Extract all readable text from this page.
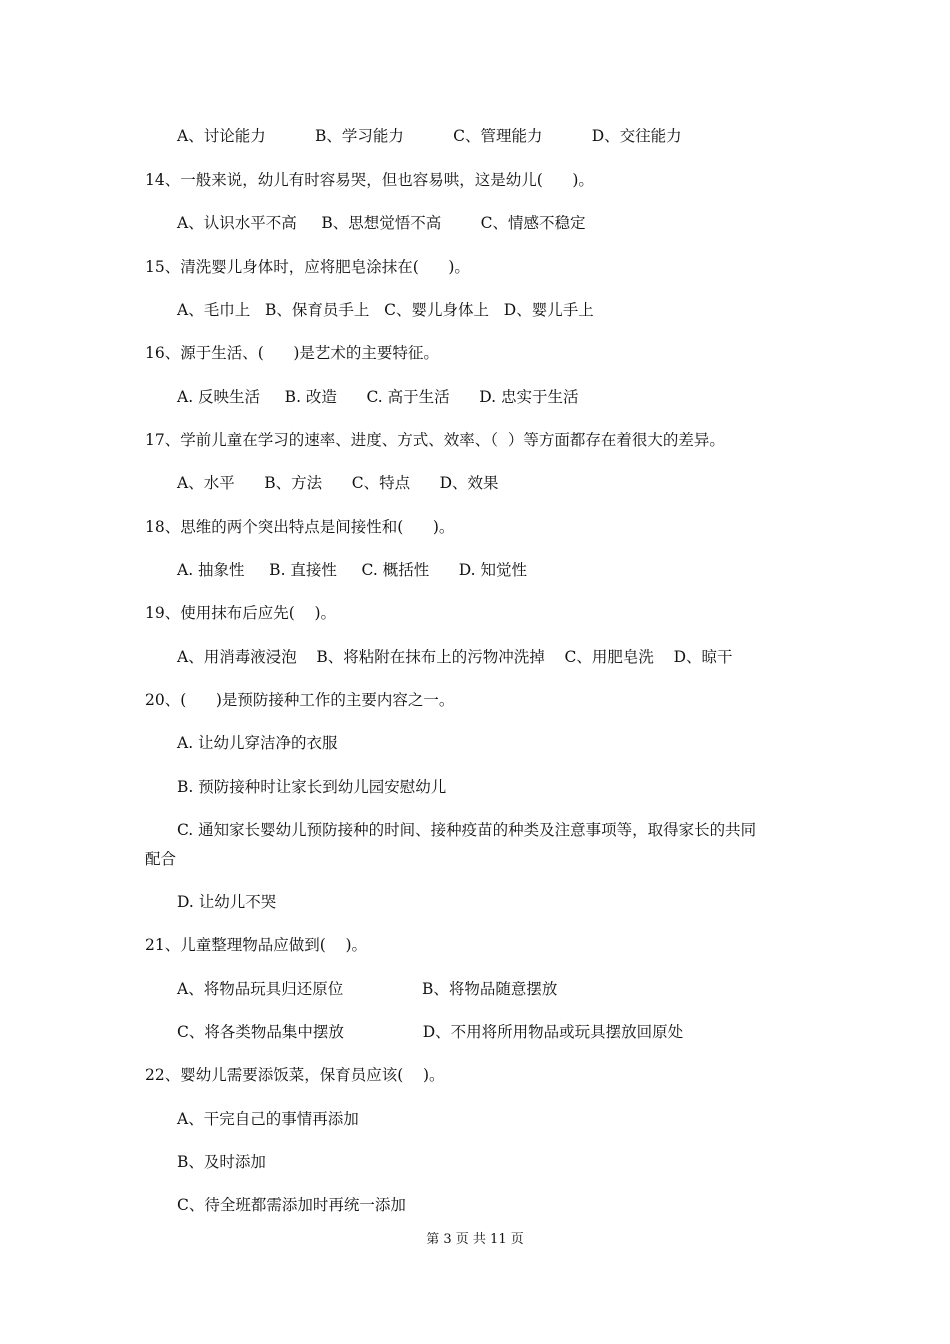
A、讨论能力          B、学习能力          C、管理能力          D、交往能力
14、一般来说，幼儿有时容易哭，但也容易哄，这是幼儿(      )。
A、认识水平不高     B、思想觉悟不高        C、情感不稳定
15、清洗婴儿身体时，应将肥皂涂抹在(      )。
A、毛巾上   B、保育员手上   C、婴儿身体上   D、婴儿手上
16、源于生活、(      )是艺术的主要特征。
A. 反映生活     B. 改造      C. 高于生活      D. 忠实于生活
17、学前儿童在学习的速率、进度、方式、效率、（  ）等方面都存在着很大的差异。
A、水平      B、方法      C、特点      D、效果
18、思维的两个突出特点是间接性和(      )。
A. 抽象性     B. 直接性     C. 概括性      D. 知觉性
19、使用抹布后应先(    )。
A、用消毒液浸泡    B、将粘附在抹布上的污物冲洗掉    C、用肥皂洗    D、晾干
20、(      )是预防接种工作的主要内容之一。
A. 让幼儿穿洁净的衣服
B. 预防接种时让家长到幼儿园安慰幼儿
C. 通知家长婴幼儿预防接种的时间、接种疫苗的种类及注意事项等，取得家长的共同
配合
D. 让幼儿不哭
21、儿童整理物品应做到(    )。
A、将物品玩具归还原位                B、将物品随意摆放
C、将各类物品集中摆放                D、不用将所用物品或玩具摆放回原处
22、婴幼儿需要添饭菜，保育员应该(    )。
A、干完自己的事情再添加
B、及时添加
C、待全班都需添加时再统一添加
第 3 页 共 11 页
